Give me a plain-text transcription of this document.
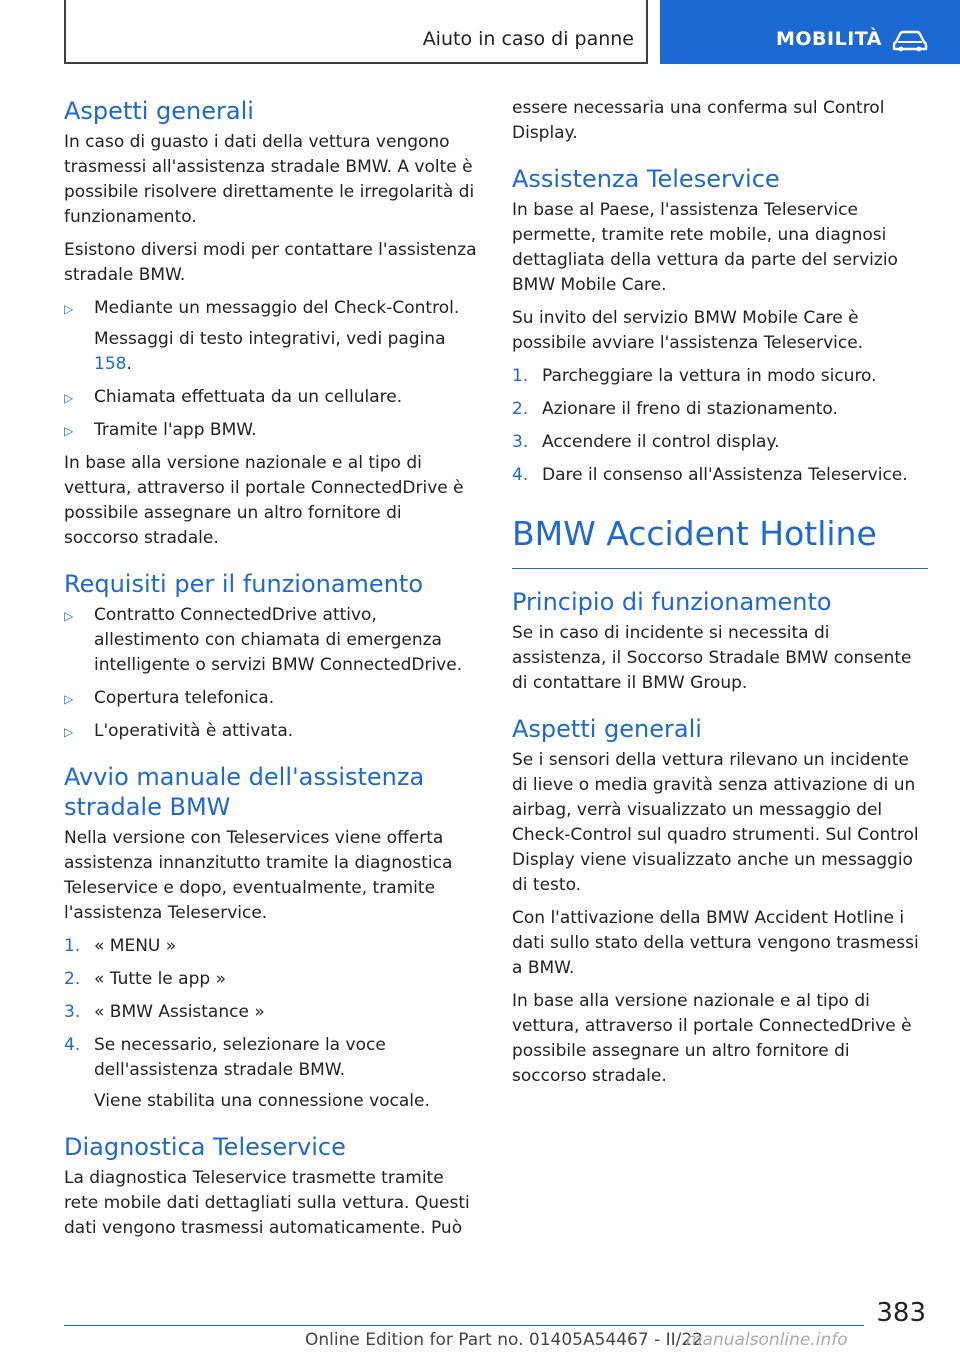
Aiuto in caso di panne	MOBILITÀ
Aspetti generali

In caso di guasto i dati della vettura vengono trasmessi all'assistenza stradale BMW. A volte è possibile risolvere direttamente le irregolarità di funzionamento.

Esistono diversi modi per contattare l'assistenza stradale BMW.

▷ Mediante un messaggio del Check-Control.

Messaggi di testo integrativi, vedi pagina 158.

▷ Chiamata effettuata da un cellulare.
▷ Tramite l'app BMW.

In base alla versione nazionale e al tipo di vettura, attraverso il portale ConnectedDrive è possibile assegnare un altro fornitore di soccorso stradale.

Requisiti per il funzionamento
▷ Contratto ConnectedDrive attivo, allestimento con chiamata di emergenza intelligente o servizi BMW ConnectedDrive.
▷ Copertura telefonica.
▷ L'operatività è attivata.
Avvio manuale dell'assistenza stradale BMW

Nella versione con Teleservices viene offerta assistenza innanzitutto tramite la diagnostica Teleservice e dopo, eventualmente, tramite l'assistenza Teleservice.

1. « MENU »
2. « Tutte le app »
3. « BMW Assistance »
4. Se necessario, selezionare la voce dell'assistenza stradale BMW.

Viene stabilita una connessione vocale.

Diagnostica Teleservice

La diagnostica Teleservice trasmette tramite rete mobile dati dettagliati sulla vettura. Questi dati vengono trasmessi automaticamente. Può

essere necessaria una conferma sul Control Display.

Assistenza Teleservice

In base al Paese, l'assistenza Teleservice permette, tramite rete mobile, una diagnosi dettagliata della vettura da parte del servizio BMW Mobile Care.

Su invito del servizio BMW Mobile Care è possibile avviare l'assistenza Teleservice.

1. Parcheggiare la vettura in modo sicuro.
2. Azionare il freno di stazionamento.
3. Accendere il control display.
4. Dare il consenso all'Assistenza Teleservice.
BMW Accident Hotline
Principio di funzionamento

Se in caso di incidente si necessita di assistenza, il Soccorso Stradale BMW consente di contattare il BMW Group.

Aspetti generali

Se i sensori della vettura rilevano un incidente di lieve o media gravità senza attivazione di un airbag, verrà visualizzato un messaggio del Check-Control sul quadro strumenti. Sul Control Display viene visualizzato anche un messaggio di testo.

Con l'attivazione della BMW Accident Hotline i dati sullo stato della vettura vengono trasmessi a BMW.

In base alla versione nazionale e al tipo di vettura, attraverso il portale ConnectedDrive è possibile assegnare un altro fornitore di soccorso stradale.

383
Online Edition for Part no. 01405A54467 - II/22
manualsonline.info
